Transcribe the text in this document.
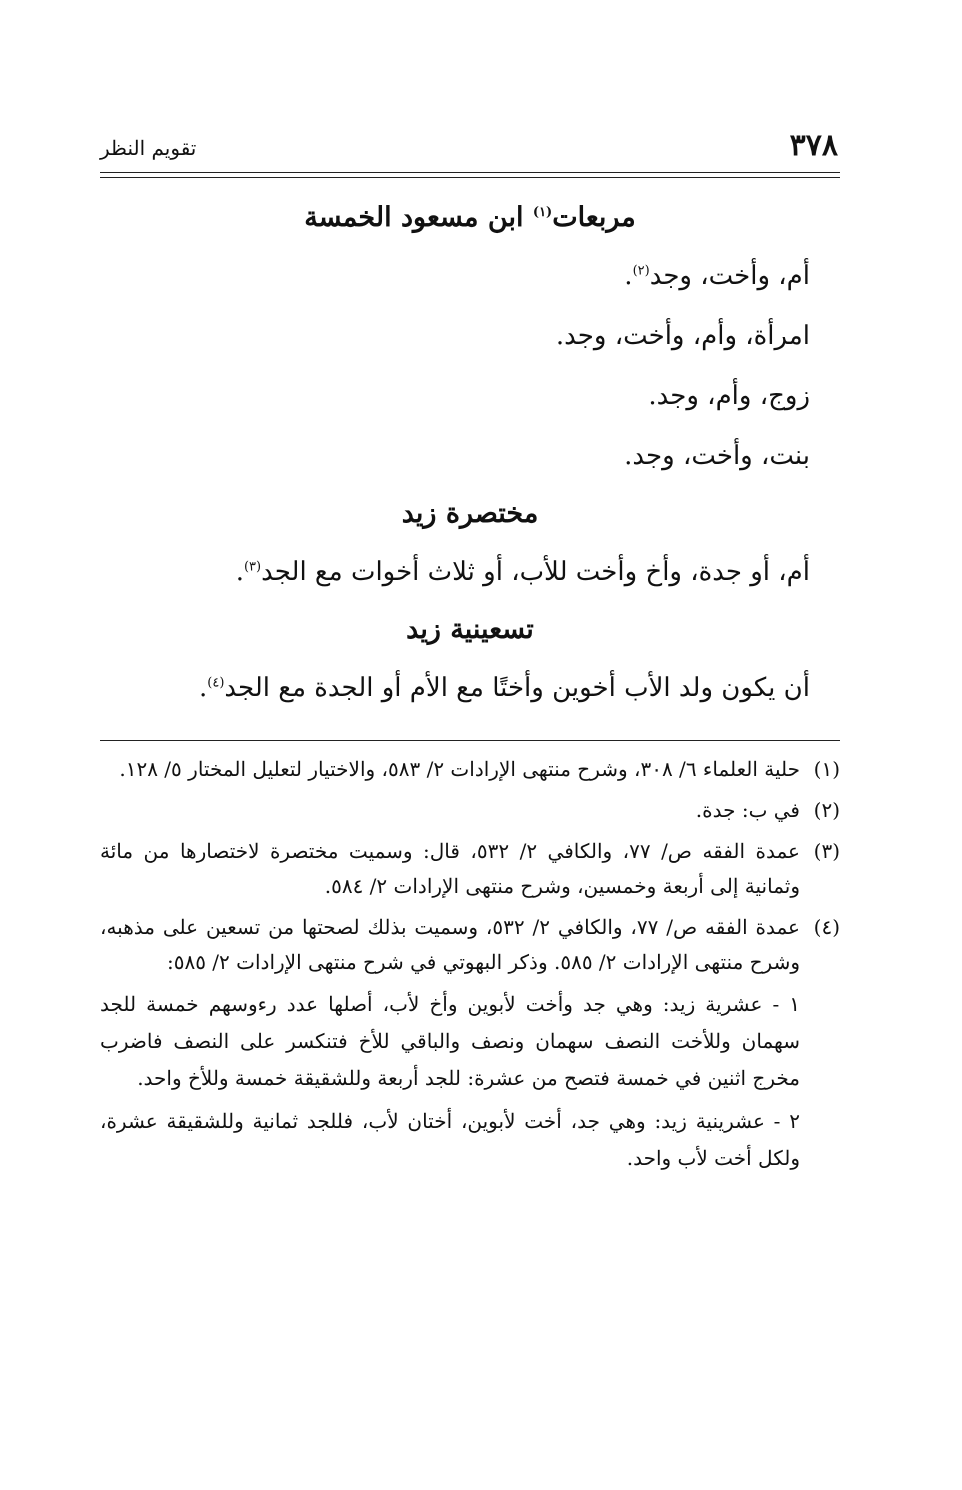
٣٧٨
تقويم النظر
مربعات$^{(١)}$ ابن مسعود الخمسة

أم، وأخت، وجد$^{(٢)}$.

امرأة، وأم، وأخت، وجد.

زوج، وأم، وجد.

بنت، وأخت، وجد.

مختصرة زيد

أم، أو جدة، وأخ وأخت للأب، أو ثلاث أخوات مع الجد$^{(٣)}$.

تسعينية زيد

أن يكون ولد الأب أخوين وأختًا مع الأم أو الجدة مع الجد$^{(٤)}$.

(١)
حلية العلماء ٦/ ٣٠٨، وشرح منتهى الإرادات ٢/ ٥٨٣، والاختيار لتعليل المختار ٥/ ١٢٨.
(٢)
في ب: جدة.
(٣)
عمدة الفقه ص/ ٧٧، والكافي ٢/ ٥٣٢، قال: وسميت مختصرة لاختصارها من مائة وثمانية إلى أربعة وخمسين، وشرح منتهى الإرادات ٢/ ٥٨٤.
(٤)
عمدة الفقه ص/ ٧٧، والكافي ٢/ ٥٣٢، وسميت بذلك لصحتها من تسعين على مذهبه، وشرح منتهى الإرادات ٢/ ٥٨٥. وذكر البهوتي في شرح منتهى الإرادات ٢/ ٥٨٥:

١ - عشرية زيد: وهي جد وأخت لأبوين وأخ لأب، أصلها عدد رءوسهم خمسة للجد سهمان وللأخت النصف سهمان ونصف والباقي للأخ فتنكسر على النصف فاضرب مخرج اثنين في خمسة فتصح من عشرة: للجد أربعة وللشقيقة خمسة وللأخ واحد.

٢ - عشرينية زيد: وهي جد، أخت لأبوين، أختان لأب، فللجد ثمانية وللشقيقة عشرة، ولكل أخت لأب واحد.
